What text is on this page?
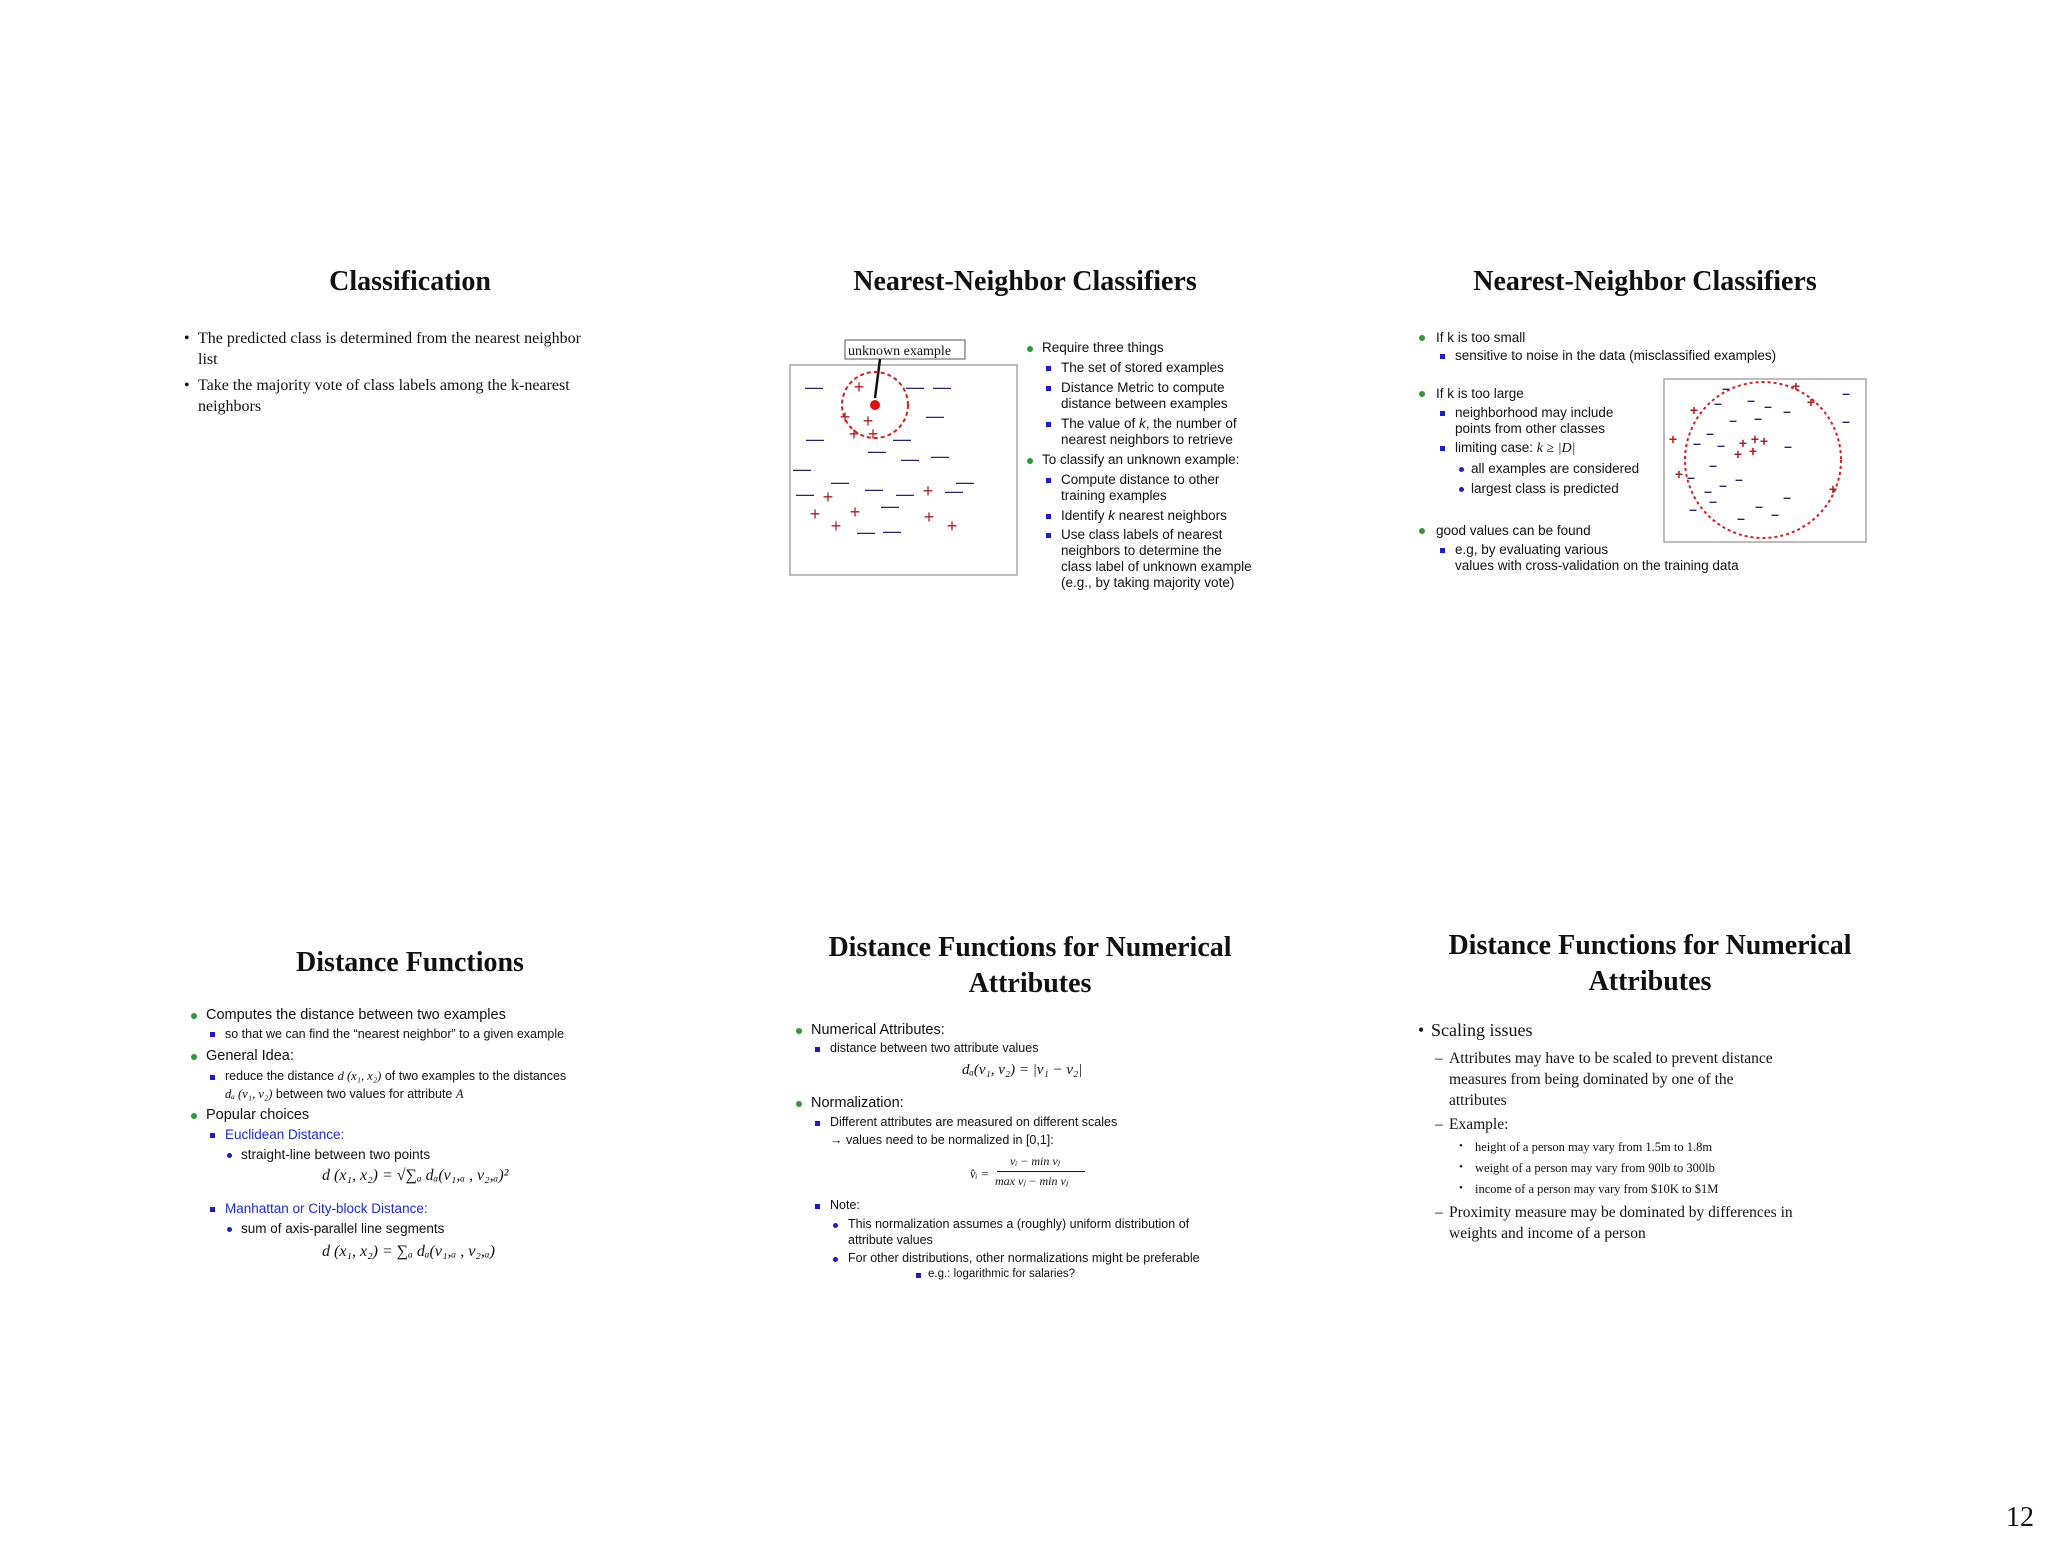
Classification
• The predicted class is determined from the nearest neighbor
list
• Take the majority vote of class labels among the k-nearest
neighbors
Nearest-Neighbor Classifiers
unknown example
— +
+ +
— —
—
— + +
—
—
— —
—
—	—
— + — — + —
—
+ +
+ — —
+ +
Require three things
The set of stored examples
Distance Metric to compute
distance between examples
The value of k, the number of
nearest neighbors to retrieve
To classify an unknown example:
Compute distance to other
training examples
Identify k nearest neighbors
Use class labels of nearest
neighbors to determine the
class label of unknown example
(e.g., by taking majority vote)
Nearest-Neighbor Classifiers
If k is too small
sensitive to noise in the data (misclassified examples)
If k is too large
neighborhood may include
points from other classes
limiting case: k ≥ |D|
all examples are considered
largest class is predicted
good values can be found
e.g, by evaluating various
values with cross-validation on the training data
–	+	–
+	+
– – – –
– –
–
+ – – + + +
+ + –
–
–
–
+
–
–
–
– –	– –
–	+
–
Distance Functions
Computes the distance between two examples
so that we can find the “nearest neighbor” to a given example
General Idea:
reduce the distance d (x₁, x₂) of two examples to the distances
dₐ (v₁, v₂) between two values for attribute A
Popular choices
Euclidean Distance:
straight-line between two points
d (x₁, x₂) = √∑ₐ dₐ(v₁,ₐ , v₂,ₐ)²
Manhattan or City-block Distance:
sum of axis-parallel line segments
d (x₁, x₂) = ∑ₐ dₐ(v₁,ₐ , v₂,ₐ)
Distance Functions for Numerical
Attributes
Numerical Attributes:
distance between two attribute values
dₐ(v₁, v₂) = |v₁ − v₂|
Normalization:
Different attributes are measured on different scales
→ values need to be normalized in [0,1]:
v̂ᵢ =
vᵢ − min vⱼ
max vⱼ − min vⱼ
Note:
This normalization assumes a (roughly) uniform distribution of
attribute values
For other distributions, other normalizations might be preferable
e.g.: logarithmic for salaries?
Distance Functions for Numerical
Attributes
• Scaling issues
– Attributes may have to be scaled to prevent distance
measures from being dominated by one of the
attributes
– Example:
• height of a person may vary from 1.5m to 1.8m
• weight of a person may vary from 90lb to 300lb
• income of a person may vary from $10K to $1M
– Proximity measure may be dominated by differences in
weights and income of a person
12
